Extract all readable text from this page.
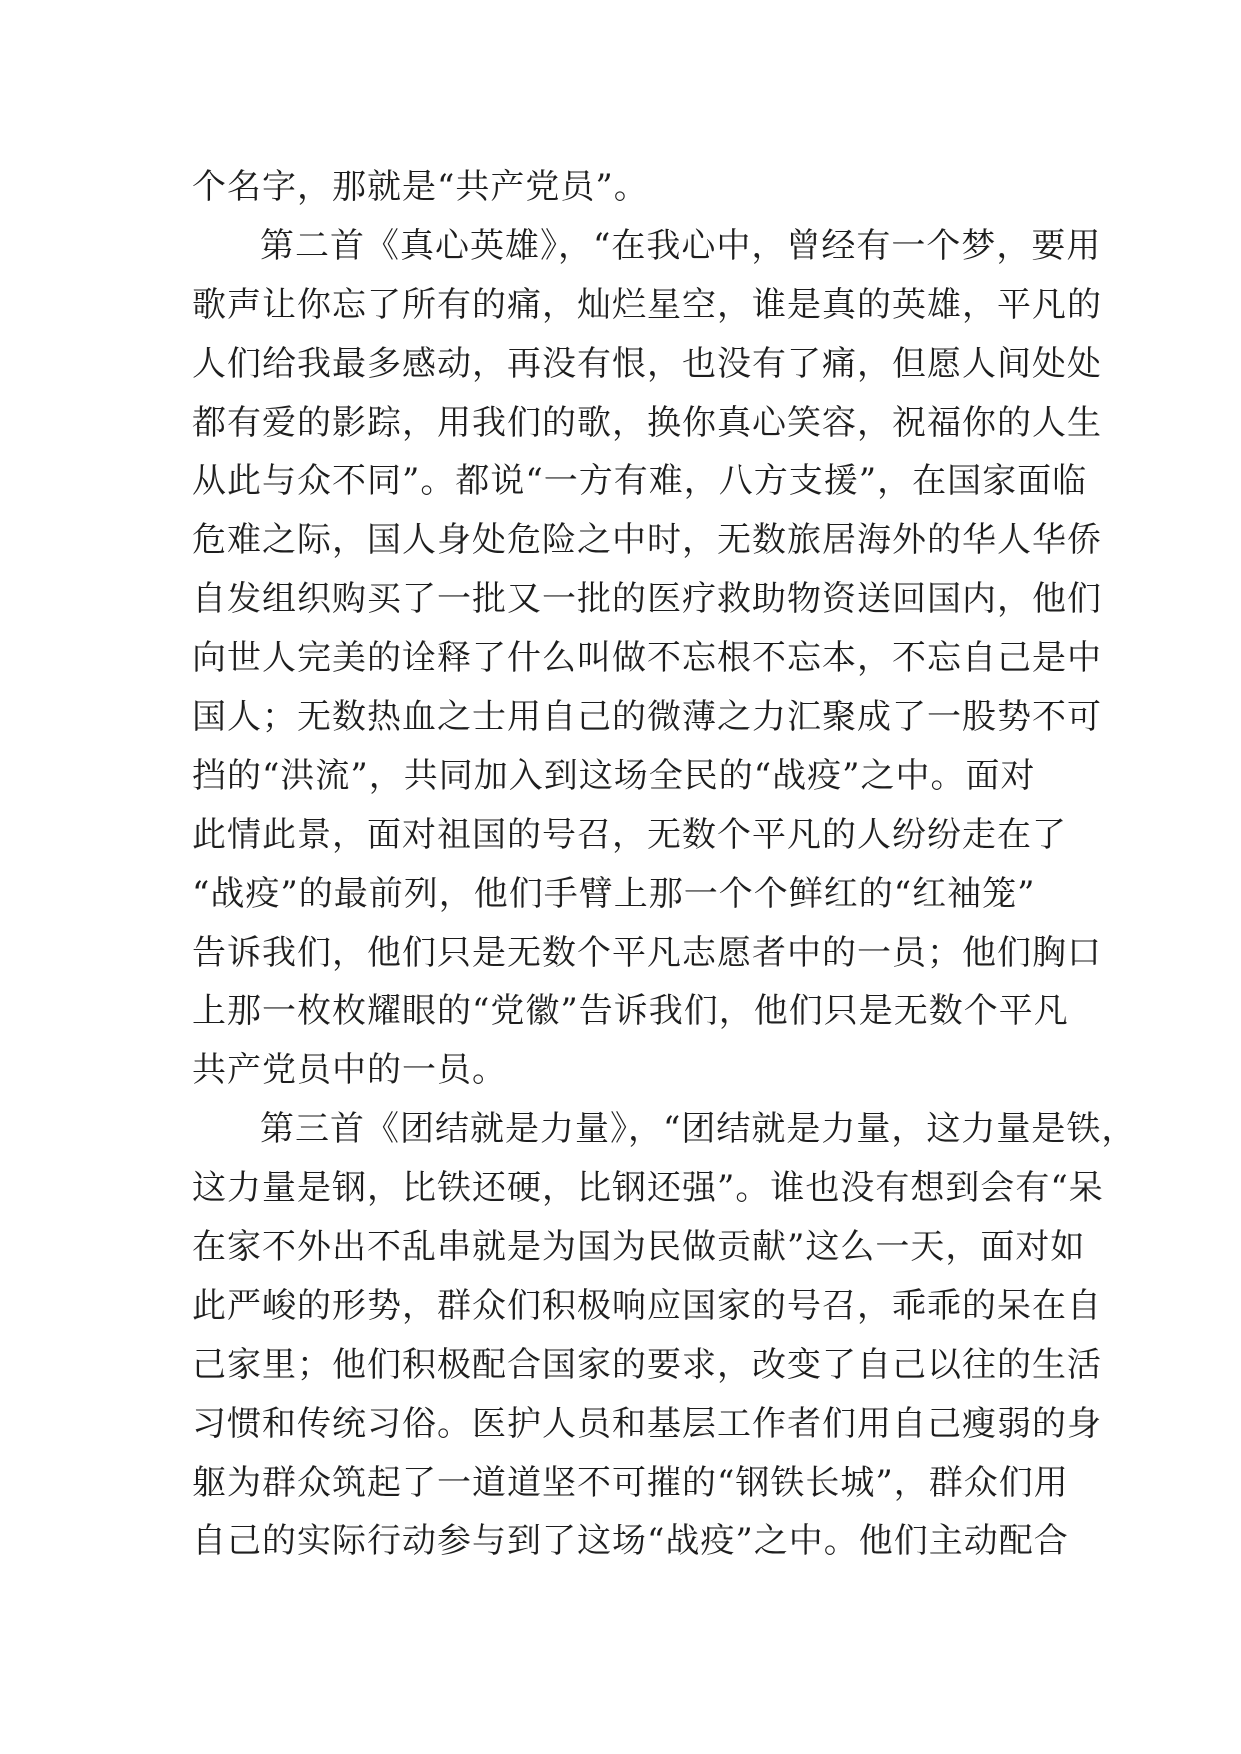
个名字，那就是“共产党员”。
第二首《真心英雄》，“在我心中，曾经有一个梦，要用
歌声让你忘了所有的痛，灿烂星空，谁是真的英雄，平凡的
人们给我最多感动，再没有恨，也没有了痛，但愿人间处处
都有爱的影踪，用我们的歌，换你真心笑容，祝福你的人生
从此与众不同”。都说“一方有难，八方支援”，在国家面临
危难之际，国人身处危险之中时，无数旅居海外的华人华侨
自发组织购买了一批又一批的医疗救助物资送回国内，他们
向世人完美的诠释了什么叫做不忘根不忘本，不忘自己是中
国人；无数热血之士用自己的微薄之力汇聚成了一股势不可
挡的“洪流”，共同加入到这场全民的“战疫”之中。面对
此情此景，面对祖国的号召，无数个平凡的人纷纷走在了
“战疫”的最前列，他们手臂上那一个个鲜红的“红袖笼”
告诉我们，他们只是无数个平凡志愿者中的一员；他们胸口
上那一枚枚耀眼的“党徽”告诉我们，他们只是无数个平凡
共产党员中的一员。
第三首《团结就是力量》，“团结就是力量，这力量是铁，
这力量是钢，比铁还硬，比钢还强”。谁也没有想到会有“呆
在家不外出不乱串就是为国为民做贡献”这么一天，面对如
此严峻的形势，群众们积极响应国家的号召，乖乖的呆在自
己家里；他们积极配合国家的要求，改变了自己以往的生活
习惯和传统习俗。医护人员和基层工作者们用自己瘦弱的身
躯为群众筑起了一道道坚不可摧的“钢铁长城”，群众们用
自己的实际行动参与到了这场“战疫”之中。他们主动配合
